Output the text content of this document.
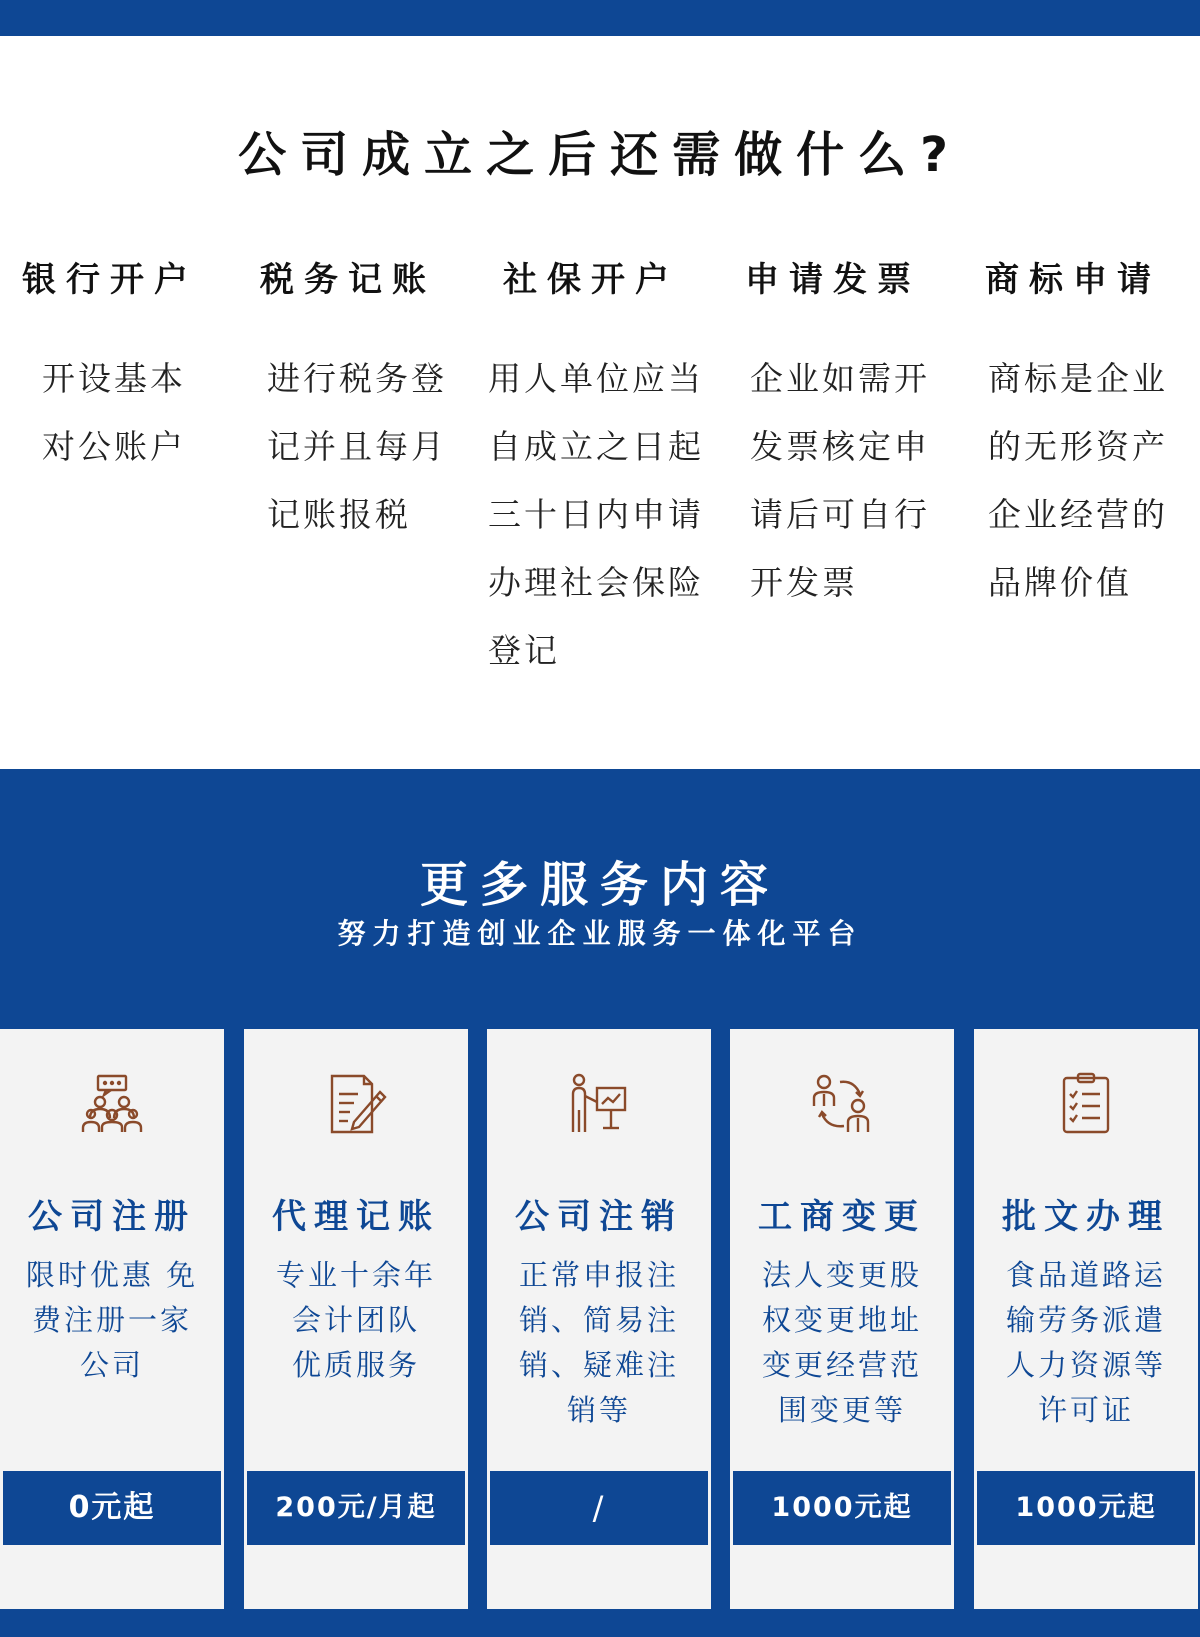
公司成立之后还需做什么?
银行开户
开设基本
对公账户
税务记账
进行税务登
记并且每月
记账报税
社保开户
用人单位应当
自成立之日起
三十日内申请
办理社会保险
登记
申请发票
企业如需开
发票核定申
请后可自行
开发票
商标申请
商标是企业
的无形资产
企业经营的
品牌价值
更多服务内容
努力打造创业企业服务一体化平台
公司注册
限时优惠 免
费注册一家
公司
0元起
代理记账
专业十余年
会计团队
优质服务
200元/月起
公司注销
正常申报注
销、简易注
销、疑难注
销等
/
工商变更
法人变更股
权变更地址
变更经营范
围变更等
1000元起
批文办理
食品道路运
输劳务派遣
人力资源等
许可证
1000元起
